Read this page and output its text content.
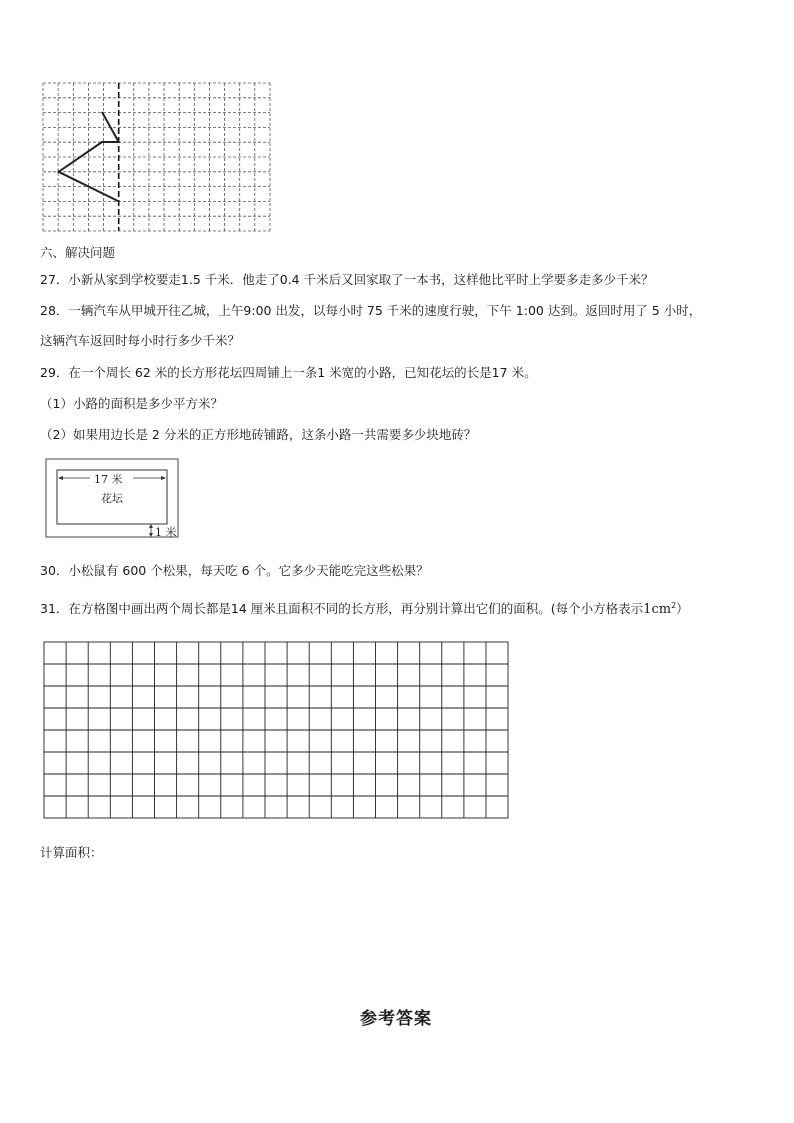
六、解决问题
27．小新从家到学校要走1.5 千米．他走了0.4 千米后又回家取了一本书，这样他比平时上学要多走多少千米？
28．一辆汽车从甲城开往乙城，上午9:00 出发，以每小时 75 千米的速度行驶，下午 1:00 达到。返回时用了 5 小时，
这辆汽车返回时每小时行多少千米？
29．在一个周长 62 米的长方形花坛四周铺上一条1 米宽的小路，已知花坛的长是17 米。
（1）小路的面积是多少平方米？
（2）如果用边长是 2 分米的正方形地砖铺路，这条小路一共需要多少块地砖？
17 米
花坛
1 米
30．小松鼠有 600 个松果，每天吃 6 个。它多少天能吃完这些松果？
31．在方格图中画出两个周长都是14 厘米且面积不同的长方形，再分别计算出它们的面积。(每个小方格表示$1cm^2$）
计算面积：
参考答案
